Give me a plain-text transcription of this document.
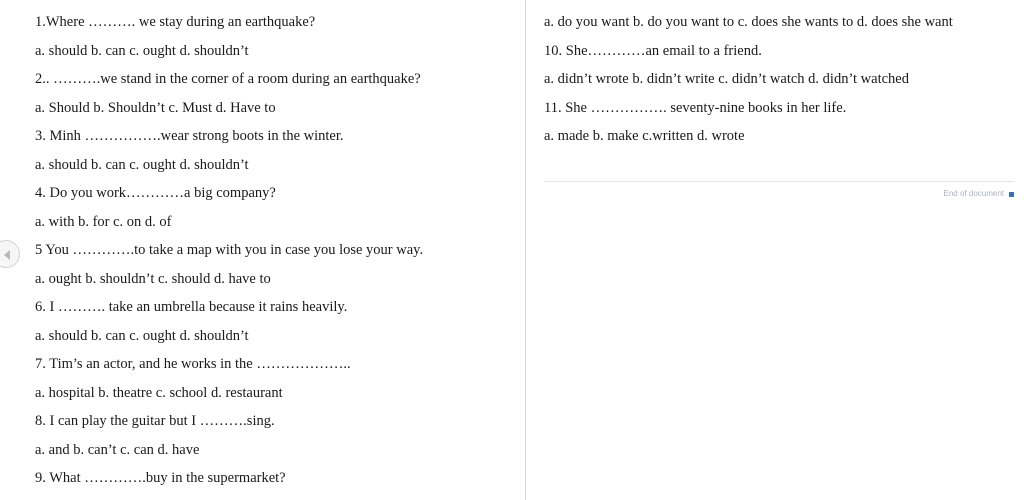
1.Where ………. we stay during an earthquake?
a. should b. can c. ought d. shouldn’t
2.. ……….we stand in the corner of a room during an earthquake?
a. Should b. Shouldn’t c. Must d. Have to
3. Minh …………….wear strong boots in the winter.
a. should b. can c. ought d. shouldn’t
4. Do you work…………a big company?
a. with b. for c. on d. of
5 You ………….to take a map with you in case you lose your way.
a. ought b. shouldn’t c. should d. have to
6. I ………. take an umbrella because it rains heavily.
a. should b. can c. ought d. shouldn’t
7. Tim’s an actor, and he works in the ………………..
a. hospital b. theatre c. school d. restaurant
8. I can play the guitar but I ……….sing.
a. and b. can’t c. can d. have
9. What ………….buy in the supermarket?
a. do you want b. do you want to c. does she wants to d. does she want
10. She…………an email to a friend.
a. didn’t wrote b. didn’t write c. didn’t watch d. didn’t watched
11. She ……………. seventy-nine books in her life.
a. made b. make c.written d. wrote
End of document
